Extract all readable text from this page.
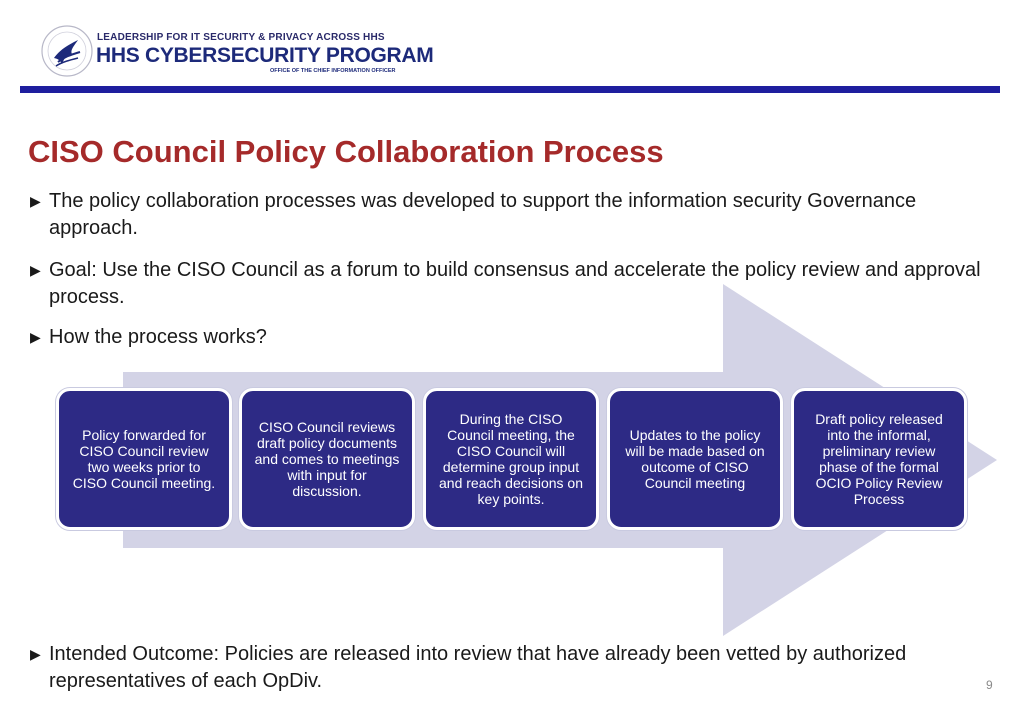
LEADERSHIP FOR IT SECURITY & PRIVACY ACROSS HHS
HHS CYBERSECURITY PROGRAM
OFFICE OF THE CHIEF INFORMATION OFFICER
CISO Council Policy Collaboration Process
▶ The policy collaboration processes was developed to support the information security Governance approach.
▶ Goal: Use the CISO Council as a forum to build consensus and accelerate the policy review and approval process.
▶ How the process works?
Policy forwarded for CISO Council review two weeks prior to CISO Council meeting.
CISO Council reviews draft policy documents and comes to meetings with input for discussion.
During the CISO Council meeting, the CISO Council will determine group input and reach decisions on key points.
Updates to the policy will be made based on outcome of CISO Council meeting
Draft policy released into the informal, preliminary review phase of the formal OCIO Policy Review Process
▶ Intended Outcome: Policies are released into review that have already been vetted by authorized representatives of each OpDiv.	9
